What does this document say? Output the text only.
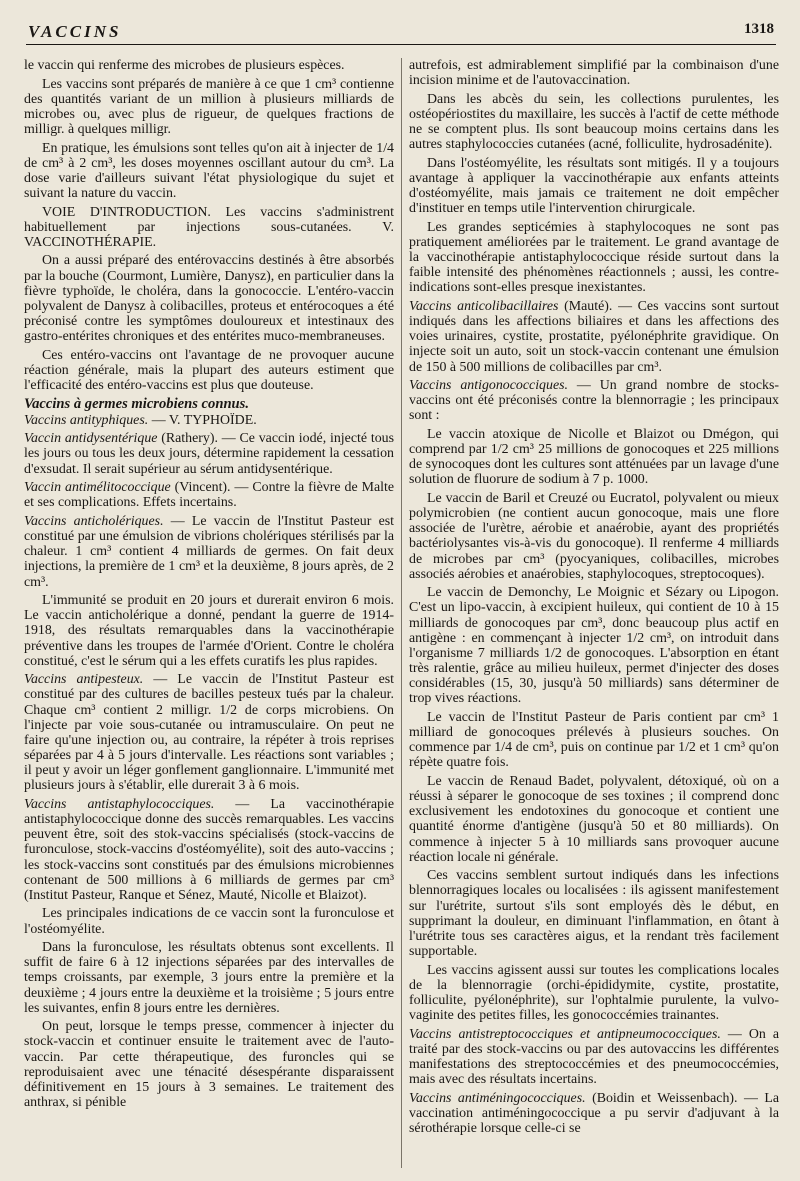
VACCINS	1318

le vaccin qui renferme des microbes de plusieurs espèces.

Les vaccins sont préparés de manière à ce que 1 cm³ contienne des quantités variant de un million à plusieurs milliards de microbes ou, avec plus de rigueur, de quelques fractions de milligr. à quelques milligr.

En pratique, les émulsions sont telles qu'on ait à injecter de 1/4 de cm³ à 2 cm³, les doses moyennes oscillant autour du cm³. La dose varie d'ailleurs suivant l'état physiologique du sujet et suivant la nature du vaccin.

VOIE D'INTRODUCTION. Les vaccins s'administrent habituellement par injections sous-cutanées. V. VACCINOTHÉRAPIE.

On a aussi préparé des entérovaccins destinés à être absorbés par la bouche (Courmont, Lumière, Danysz), en particulier dans la fièvre typhoïde, le choléra, dans la gonococcie. L'entéro-vaccin polyvalent de Danysz à colibacilles, proteus et entérocoques a été préconisé contre les symptômes douloureux et intestinaux des gastro-entérites chroniques et des entérites muco-membraneuses.

Ces entéro-vaccins ont l'avantage de ne provoquer aucune réaction générale, mais la plupart des auteurs estiment que l'efficacité des entéro-vaccins est plus que douteuse.

Vaccins à germes microbiens connus.

Vaccins antityphiques. — V. TYPHOÏDE.

Vaccin antidysentérique (Rathery). — Ce vaccin iodé, injecté tous les jours ou tous les deux jours, détermine rapidement la cessation d'exsudat. Il serait supérieur au sérum antidysentérique.

Vaccin antimélitococcique (Vincent). — Contre la fièvre de Malte et ses complications. Effets incertains.

Vaccins anticholériques. — Le vaccin de l'Institut Pasteur est constitué par une émulsion de vibrions cholériques stérilisés par la chaleur. 1 cm³ contient 4 milliards de germes. On fait deux injections, la première de 1 cm³ et la deuxième, 8 jours après, de 2 cm³.

L'immunité se produit en 20 jours et durerait environ 6 mois. Le vaccin anticholérique a donné, pendant la guerre de 1914-1918, des résultats remarquables dans la vaccinothérapie préventive dans les troupes de l'armée d'Orient. Contre le choléra constitué, c'est le sérum qui a les effets curatifs les plus rapides.

Vaccins antipesteux. — Le vaccin de l'Institut Pasteur est constitué par des cultures de bacilles pesteux tués par la chaleur. Chaque cm³ contient 2 milligr. 1/2 de corps microbiens. On l'injecte par voie sous-cutanée ou intramusculaire. On peut ne faire qu'une injection ou, au contraire, la répéter à trois reprises séparées par 4 à 5 jours d'intervalle. Les réactions sont variables ; il peut y avoir un léger gonflement ganglionnaire. L'immunité met plusieurs jours à s'établir, elle durerait 3 à 6 mois.

Vaccins antistaphylococciques. — La vaccinothérapie antistaphylococcique donne des succès remarquables. Les vaccins peuvent être, soit des stok-vaccins spécialisés (stock-vaccins de furonculose, stock-vaccins d'ostéomyélite), soit des auto-vaccins ; les stock-vaccins sont constitués par des émulsions microbiennes contenant de 500 millions à 6 milliards de germes par cm³ (Institut Pasteur, Ranque et Sénez, Mauté, Nicolle et Blaizot).

Les principales indications de ce vaccin sont la furonculose et l'ostéomyélite.

Dans la furonculose, les résultats obtenus sont excellents. Il suffit de faire 6 à 12 injections séparées par des intervalles de temps croissants, par exemple, 3 jours entre la première et la deuxième ; 4 jours entre la deuxième et la troisième ; 5 jours entre les suivantes, enfin 8 jours entre les dernières.

On peut, lorsque le temps presse, commencer à injecter du stock-vaccin et continuer ensuite le traitement avec de l'auto-vaccin. Par cette thérapeutique, des furoncles qui se reproduisaient avec une ténacité désespérante disparaissent définitivement en 15 jours à 3 semaines. Le traitement des anthrax, si pénible

autrefois, est admirablement simplifié par la combinaison d'une incision minime et de l'autovaccination.

Dans les abcès du sein, les collections purulentes, les ostéopériostites du maxillaire, les succès à l'actif de cette méthode ne se comptent plus. Ils sont beaucoup moins certains dans les autres staphylococcies cutanées (acné, folliculite, hydrosadénite).

Dans l'ostéomyélite, les résultats sont mitigés. Il y a toujours avantage à appliquer la vaccinothérapie aux enfants atteints d'ostéomyélite, mais jamais ce traitement ne doit empêcher d'instituer en temps utile l'intervention chirurgicale.

Les grandes septicémies à staphylocoques ne sont pas pratiquement améliorées par le traitement. Le grand avantage de la vaccinothérapie antistaphylococcique réside surtout dans la faible intensité des phénomènes réactionnels ; aussi, les contre-indications sont-elles presque inexistantes.

Vaccins anticolibacillaires (Mauté). — Ces vaccins sont surtout indiqués dans les affections biliaires et dans les affections des voies urinaires, cystite, prostatite, pyélonéphrite gravidique. On injecte soit un auto, soit un stock-vaccin contenant une émulsion de 150 à 500 millions de colibacilles par cm³.

Vaccins antigonococciques. — Un grand nombre de stocks-vaccins ont été préconisés contre la blennorragie ; les principaux sont :

Le vaccin atoxique de Nicolle et Blaizot ou Dmégon, qui comprend par 1/2 cm³ 25 millions de gonocoques et 225 millions de synocoques dont les cultures sont atténuées par un lavage d'une solution de fluorure de sodium à 7 p. 1000.

Le vaccin de Baril et Creuzé ou Eucratol, polyvalent ou mieux polymicrobien (ne contient aucun gonocoque, mais une flore associée de l'urètre, aérobie et anaérobie, ayant des propriétés bactériolysantes vis-à-vis du gonocoque). Il renferme 4 milliards de microbes par cm³ (pyocyaniques, colibacilles, microbes associés aérobies et anaérobies, staphylocoques, streptocoques).

Le vaccin de Demonchy, Le Moignic et Sézary ou Lipogon. C'est un lipo-vaccin, à excipient huileux, qui contient de 10 à 15 milliards de gonocoques par cm³, donc beaucoup plus actif en antigène : en commençant à injecter 1/2 cm³, on introduit dans l'organisme 7 milliards 1/2 de gonocoques. L'absorption en étant très ralentie, grâce au milieu huileux, permet d'injecter des doses considérables (15, 30, jusqu'à 50 milliards) sans déterminer de trop vives réactions.

Le vaccin de l'Institut Pasteur de Paris contient par cm³ 1 milliard de gonocoques prélevés à plusieurs souches. On commence par 1/4 de cm³, puis on continue par 1/2 et 1 cm³ qu'on répète quatre fois.

Le vaccin de Renaud Badet, polyvalent, détoxiqué, où on a réussi à séparer le gonocoque de ses toxines ; il comprend donc exclusivement les endotoxines du gonocoque et contient une quantité énorme d'antigène (jusqu'à 50 et 80 milliards). On commence à injecter 5 à 10 milliards sans provoquer aucune réaction locale ni générale.

Ces vaccins semblent surtout indiqués dans les infections blennorragiques locales ou localisées : ils agissent manifestement sur l'urétrite, surtout s'ils sont employés dès le début, en supprimant la douleur, en diminuant l'inflammation, en ôtant à l'urétrite tous ses caractères aigus, et la rendant très facilement supportable.

Les vaccins agissent aussi sur toutes les complications locales de la blennorragie (orchi-épididymite, cystite, prostatite, folliculite, pyélonéphrite), sur l'ophtalmie purulente, la vulvo-vaginite des petites filles, les gonococcémies trainantes.

Vaccins antistreptococciques et antipneumococciques. — On a traité par des stock-vaccins ou par des autovaccins les différentes manifestations des streptococcémies et des pneumococcémies, mais avec des résultats incertains.

Vaccins antiméningococciques. (Boidin et Weissenbach). — La vaccination antiméningococcique a pu servir d'adjuvant à la sérothérapie lorsque celle-ci se
